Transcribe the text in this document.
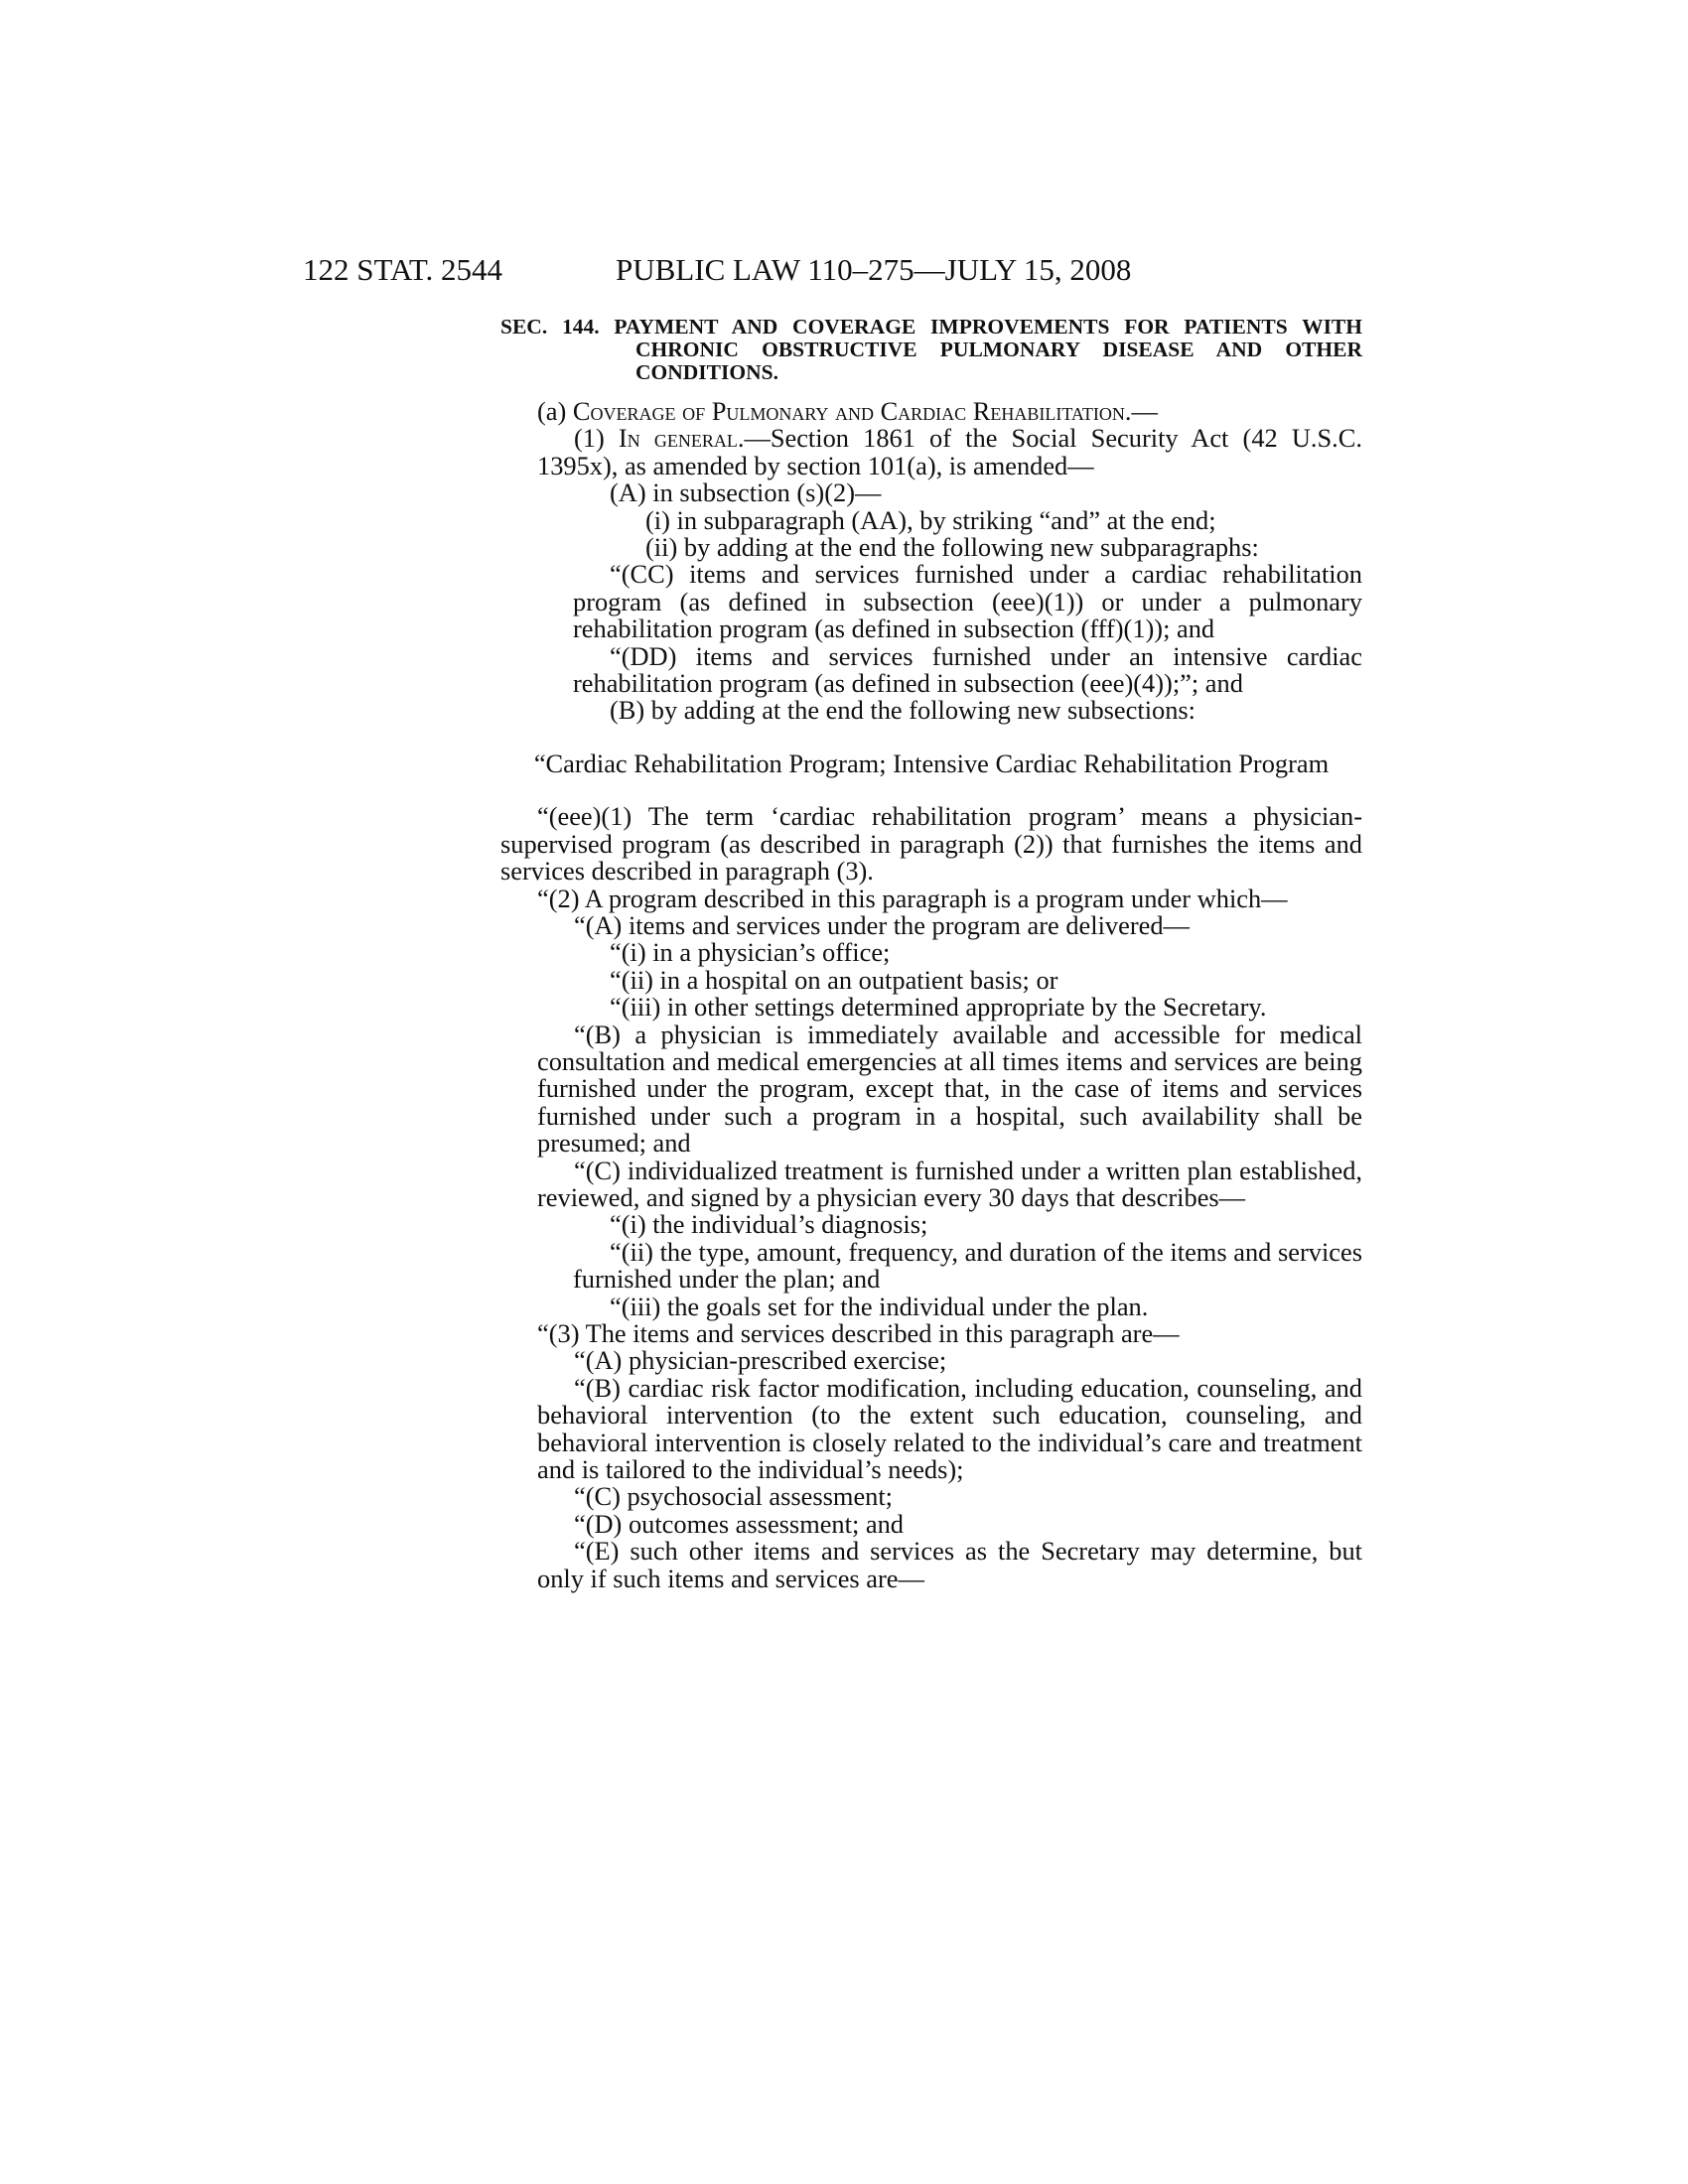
122 STAT. 2544	PUBLIC LAW 110–275—JULY 15, 2008
SEC. 144. PAYMENT AND COVERAGE IMPROVEMENTS FOR PATIENTS WITH CHRONIC OBSTRUCTIVE PULMONARY DISEASE AND OTHER CONDITIONS.

(a) Coverage of Pulmonary and Cardiac Rehabilitation.—

(1) In general.—Section 1861 of the Social Security Act (42 U.S.C. 1395x), as amended by section 101(a), is amended—

(A) in subsection (s)(2)—

(i) in subparagraph (AA), by striking “and” at the end;

(ii) by adding at the end the following new subparagraphs:

“(CC) items and services furnished under a cardiac rehabilitation program (as defined in subsection (eee)(1)) or under a pulmonary rehabilitation program (as defined in subsection (fff)(1)); and

“(DD) items and services furnished under an intensive cardiac rehabilitation program (as defined in subsection (eee)(4));”; and

(B) by adding at the end the following new subsections:

“Cardiac Rehabilitation Program; Intensive Cardiac Rehabilitation Program

“(eee)(1) The term ‘cardiac rehabilitation program’ means a physician-supervised program (as described in paragraph (2)) that furnishes the items and services described in paragraph (3).

“(2) A program described in this paragraph is a program under which—

“(A) items and services under the program are delivered—

“(i) in a physician’s office;

“(ii) in a hospital on an outpatient basis; or

“(iii) in other settings determined appropriate by the Secretary.

“(B) a physician is immediately available and accessible for medical consultation and medical emergencies at all times items and services are being furnished under the program, except that, in the case of items and services furnished under such a program in a hospital, such availability shall be presumed; and

“(C) individualized treatment is furnished under a written plan established, reviewed, and signed by a physician every 30 days that describes—

“(i) the individual’s diagnosis;

“(ii) the type, amount, frequency, and duration of the items and services furnished under the plan; and

“(iii) the goals set for the individual under the plan.

“(3) The items and services described in this paragraph are—

“(A) physician-prescribed exercise;

“(B) cardiac risk factor modification, including education, counseling, and behavioral intervention (to the extent such education, counseling, and behavioral intervention is closely related to the individual’s care and treatment and is tailored to the individual’s needs);

“(C) psychosocial assessment;

“(D) outcomes assessment; and

“(E) such other items and services as the Secretary may determine, but only if such items and services are—
